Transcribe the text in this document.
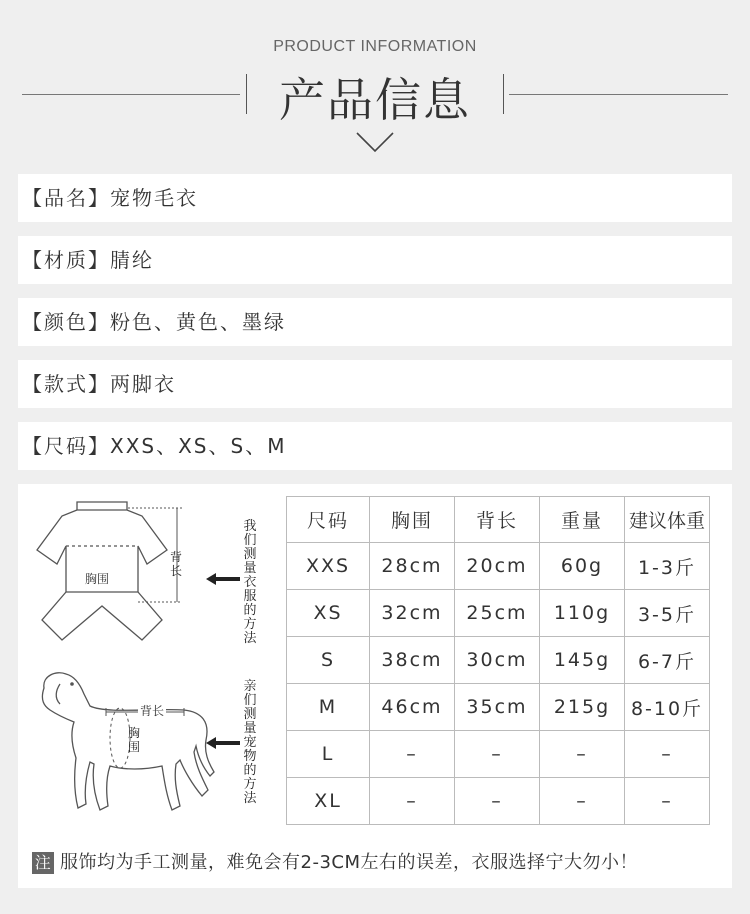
PRODUCT INFORMATION
产品信息
【品名】宠物毛衣
【材质】腈纶
【颜色】粉色、黄色、墨绿
【款式】两脚衣
【尺码】XXS、XS、S、M
胸围
背长
我们测量衣服的方法
背长
胸围
亲们测量宠物的方法
尺码	胸围	背长	重量	建议体重
XXS	28cm	20cm	60g	1-3斤
XS	32cm	25cm	110g	3-5斤
S	38cm	30cm	145g	6-7斤
M	46cm	35cm	215g	8-10斤
L	–	–	–	–
XL	–	–	–	–
注 服饰均为手工测量，难免会有2-3CM左右的误差，衣服选择宁大勿小！
